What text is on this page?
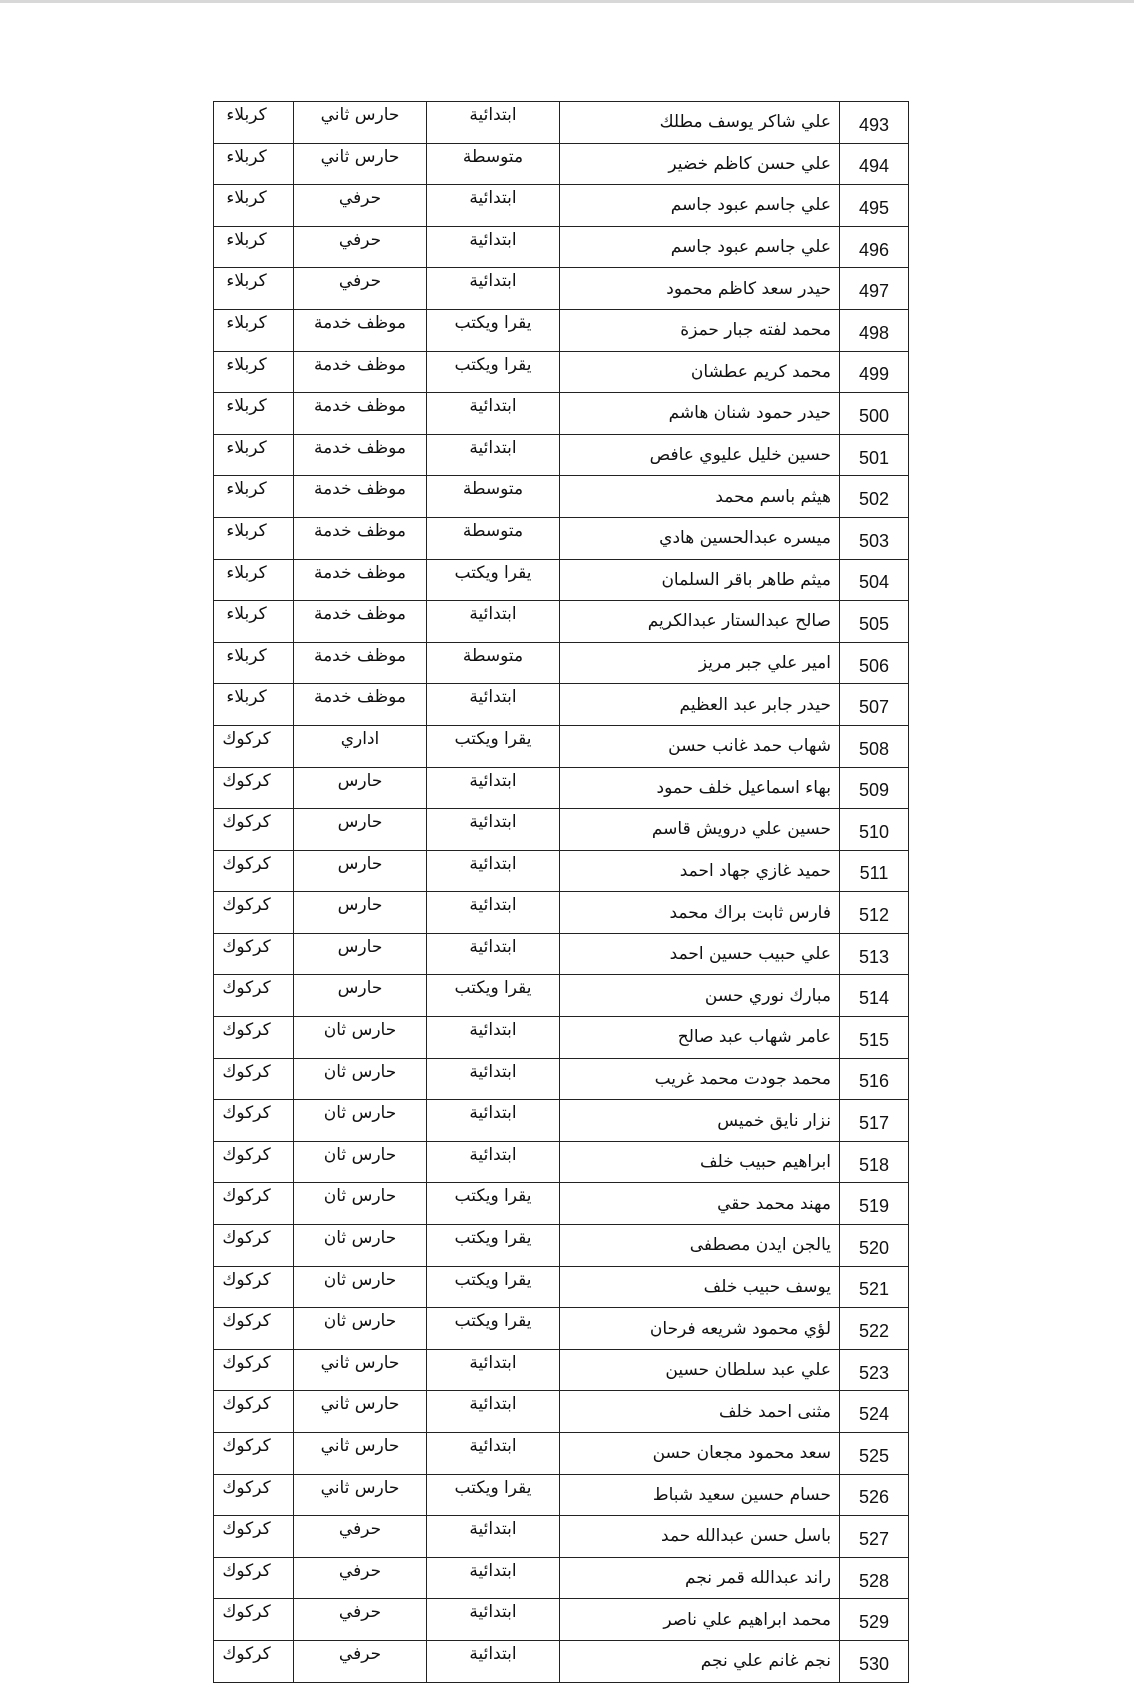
493	علي شاكر يوسف مطلك	ابتدائية	حارس ثاني	كربلاء
494	علي حسن كاظم خضير	متوسطة	حارس ثاني	كربلاء
495	علي جاسم عبود جاسم	ابتدائية	حرفي	كربلاء
496	علي جاسم عبود جاسم	ابتدائية	حرفي	كربلاء
497	حيدر سعد كاظم محمود	ابتدائية	حرفي	كربلاء
498	محمد لفته جبار حمزة	يقرا ويكتب	موظف خدمة	كربلاء
499	محمد كريم عطشان	يقرا ويكتب	موظف خدمة	كربلاء
500	حيدر حمود شنان هاشم	ابتدائية	موظف خدمة	كربلاء
501	حسين خليل عليوي عافص	ابتدائية	موظف خدمة	كربلاء
502	هيثم باسم محمد	متوسطة	موظف خدمة	كربلاء
503	ميسره عبدالحسين هادي	متوسطة	موظف خدمة	كربلاء
504	ميثم طاهر باقر السلمان	يقرا ويكتب	موظف خدمة	كربلاء
505	صالح عبدالستار عبدالكريم	ابتدائية	موظف خدمة	كربلاء
506	امير علي جبر مريز	متوسطة	موظف خدمة	كربلاء
507	حيدر جابر عبد العظيم	ابتدائية	موظف خدمة	كربلاء
508	شهاب حمد غانب حسن	يقرا ويكتب	اداري	كركوك
509	بهاء اسماعيل خلف حمود	ابتدائية	حارس	كركوك
510	حسين علي درويش قاسم	ابتدائية	حارس	كركوك
511	حميد غازي جهاد احمد	ابتدائية	حارس	كركوك
512	فارس ثابت براك محمد	ابتدائية	حارس	كركوك
513	علي حبيب حسين احمد	ابتدائية	حارس	كركوك
514	مبارك نوري حسن	يقرا ويكتب	حارس	كركوك
515	عامر شهاب عبد صالح	ابتدائية	حارس ثان	كركوك
516	محمد جودت محمد غريب	ابتدائية	حارس ثان	كركوك
517	نزار نايق خميس	ابتدائية	حارس ثان	كركوك
518	ابراهيم حبيب خلف	ابتدائية	حارس ثان	كركوك
519	مهند محمد حقي	يقرا ويكتب	حارس ثان	كركوك
520	يالجن ايدن مصطفى	يقرا ويكتب	حارس ثان	كركوك
521	يوسف حبيب خلف	يقرا ويكتب	حارس ثان	كركوك
522	لؤي محمود شريعه فرحان	يقرا ويكتب	حارس ثان	كركوك
523	علي عبد سلطان حسين	ابتدائية	حارس ثاني	كركوك
524	مثنى احمد خلف	ابتدائية	حارس ثاني	كركوك
525	سعد محمود مجعان حسن	ابتدائية	حارس ثاني	كركوك
526	حسام حسين سعيد شباط	يقرا ويكتب	حارس ثاني	كركوك
527	باسل حسن عبدالله حمد	ابتدائية	حرفي	كركوك
528	راند عبدالله قمر نجم	ابتدائية	حرفي	كركوك
529	محمد ابراهيم علي ناصر	ابتدائية	حرفي	كركوك
530	نجم غانم علي نجم	ابتدائية	حرفي	كركوك
